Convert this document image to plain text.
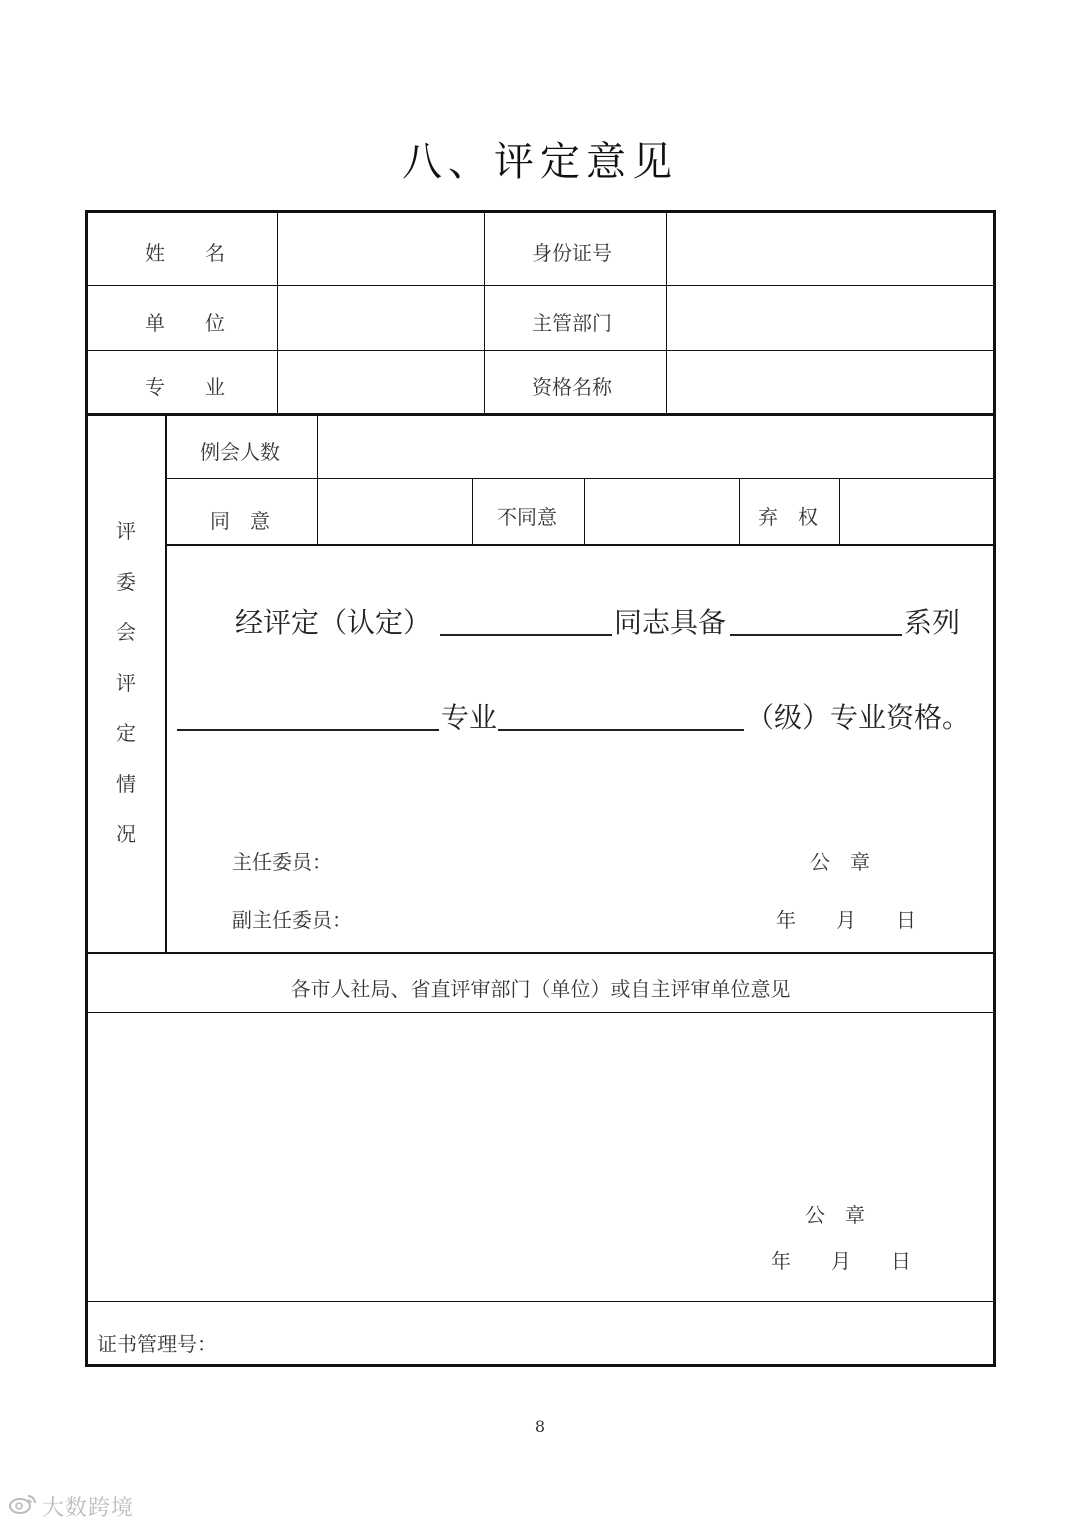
八、评定意见
姓　　名	身份证号
单　　位	主管部门
专　　业	资格名称
评
委
会
评
定
情
况
例会人数
同　意	不同意	弃　权
经评定（认定）	同志具备	系列
专业	（级）专业资格。
主任委员：
副主任委员：
公　章
年　　月　　日
各市人社局、省直评审部门（单位）或自主评审单位意见
公　章
年　　月　　日
证书管理号：
8
大数跨境
